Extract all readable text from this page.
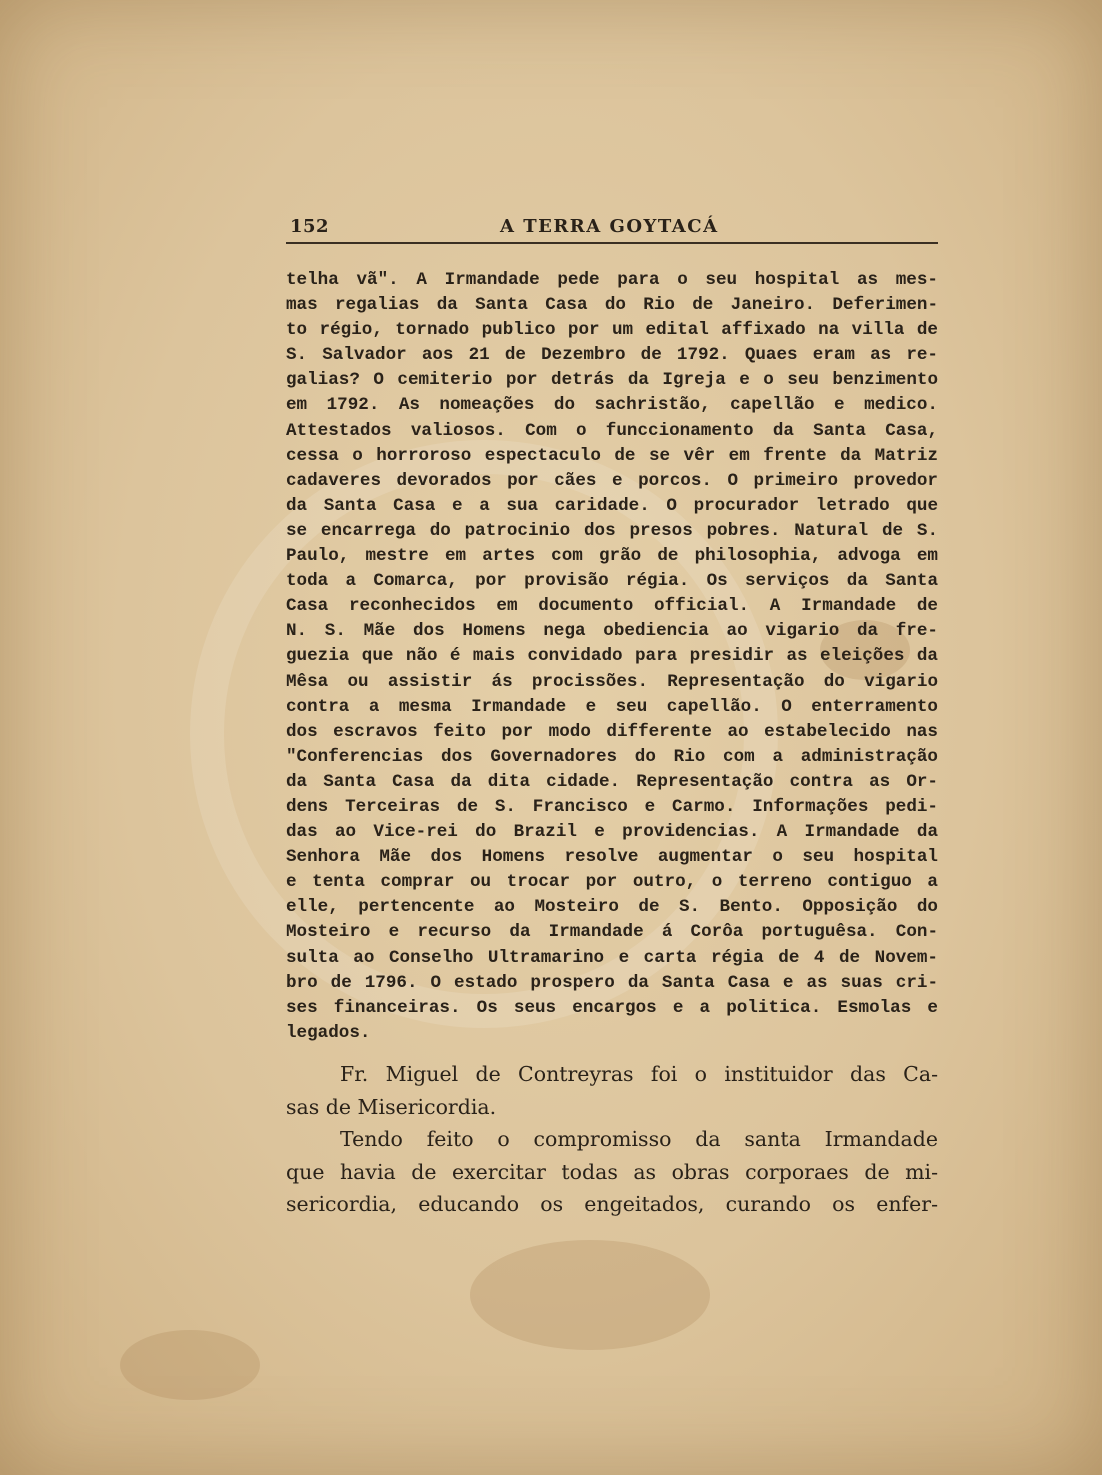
152	A TERRA GOYTACÁ
telha vã". A Irmandade pede para o seu hospital as mes-
mas regalias da Santa Casa do Rio de Janeiro. Deferimen-
to régio, tornado publico por um edital affixado na villa de
S. Salvador aos 21 de Dezembro de 1792. Quaes eram as re-
galias? O cemiterio por detrás da Igreja e o seu benzimento
em 1792. As nomeações do sachristão, capellão e medico.
Attestados valiosos. Com o funccionamento da Santa Casa,
cessa o horroroso espectaculo de se vêr em frente da Matriz
cadaveres devorados por cães e porcos. O primeiro provedor
da Santa Casa e a sua caridade. O procurador letrado que
se encarrega do patrocinio dos presos pobres. Natural de S.
Paulo, mestre em artes com grão de philosophia, advoga em
toda a Comarca, por provisão régia. Os serviços da Santa
Casa reconhecidos em documento official. A Irmandade de
N. S. Mãe dos Homens nega obediencia ao vigario da fre-
guezia que não é mais convidado para presidir as eleições da
Mêsa ou assistir ás procissões. Representação do vigario
contra a mesma Irmandade e seu capellão. O enterramento
dos escravos feito por modo differente ao estabelecido nas
"Conferencias dos Governadores do Rio com a administração
da Santa Casa da dita cidade. Representação contra as Or-
dens Terceiras de S. Francisco e Carmo. Informações pedi-
das ao Vice-rei do Brazil e providencias. A Irmandade da
Senhora Mãe dos Homens resolve augmentar o seu hospital
e tenta comprar ou trocar por outro, o terreno contiguo a
elle, pertencente ao Mosteiro de S. Bento. Opposição do
Mosteiro e recurso da Irmandade á Corôa portuguêsa. Con-
sulta ao Conselho Ultramarino e carta régia de 4 de Novem-
bro de 1796. O estado prospero da Santa Casa e as suas cri-
ses financeiras. Os seus encargos e a politica. Esmolas e
legados.
Fr. Miguel de Contreyras foi o instituidor das Ca-
sas de Misericordia.
Tendo feito o compromisso da santa Irmandade
que havia de exercitar todas as obras corporaes de mi-
sericordia, educando os engeitados, curando os enfer-
